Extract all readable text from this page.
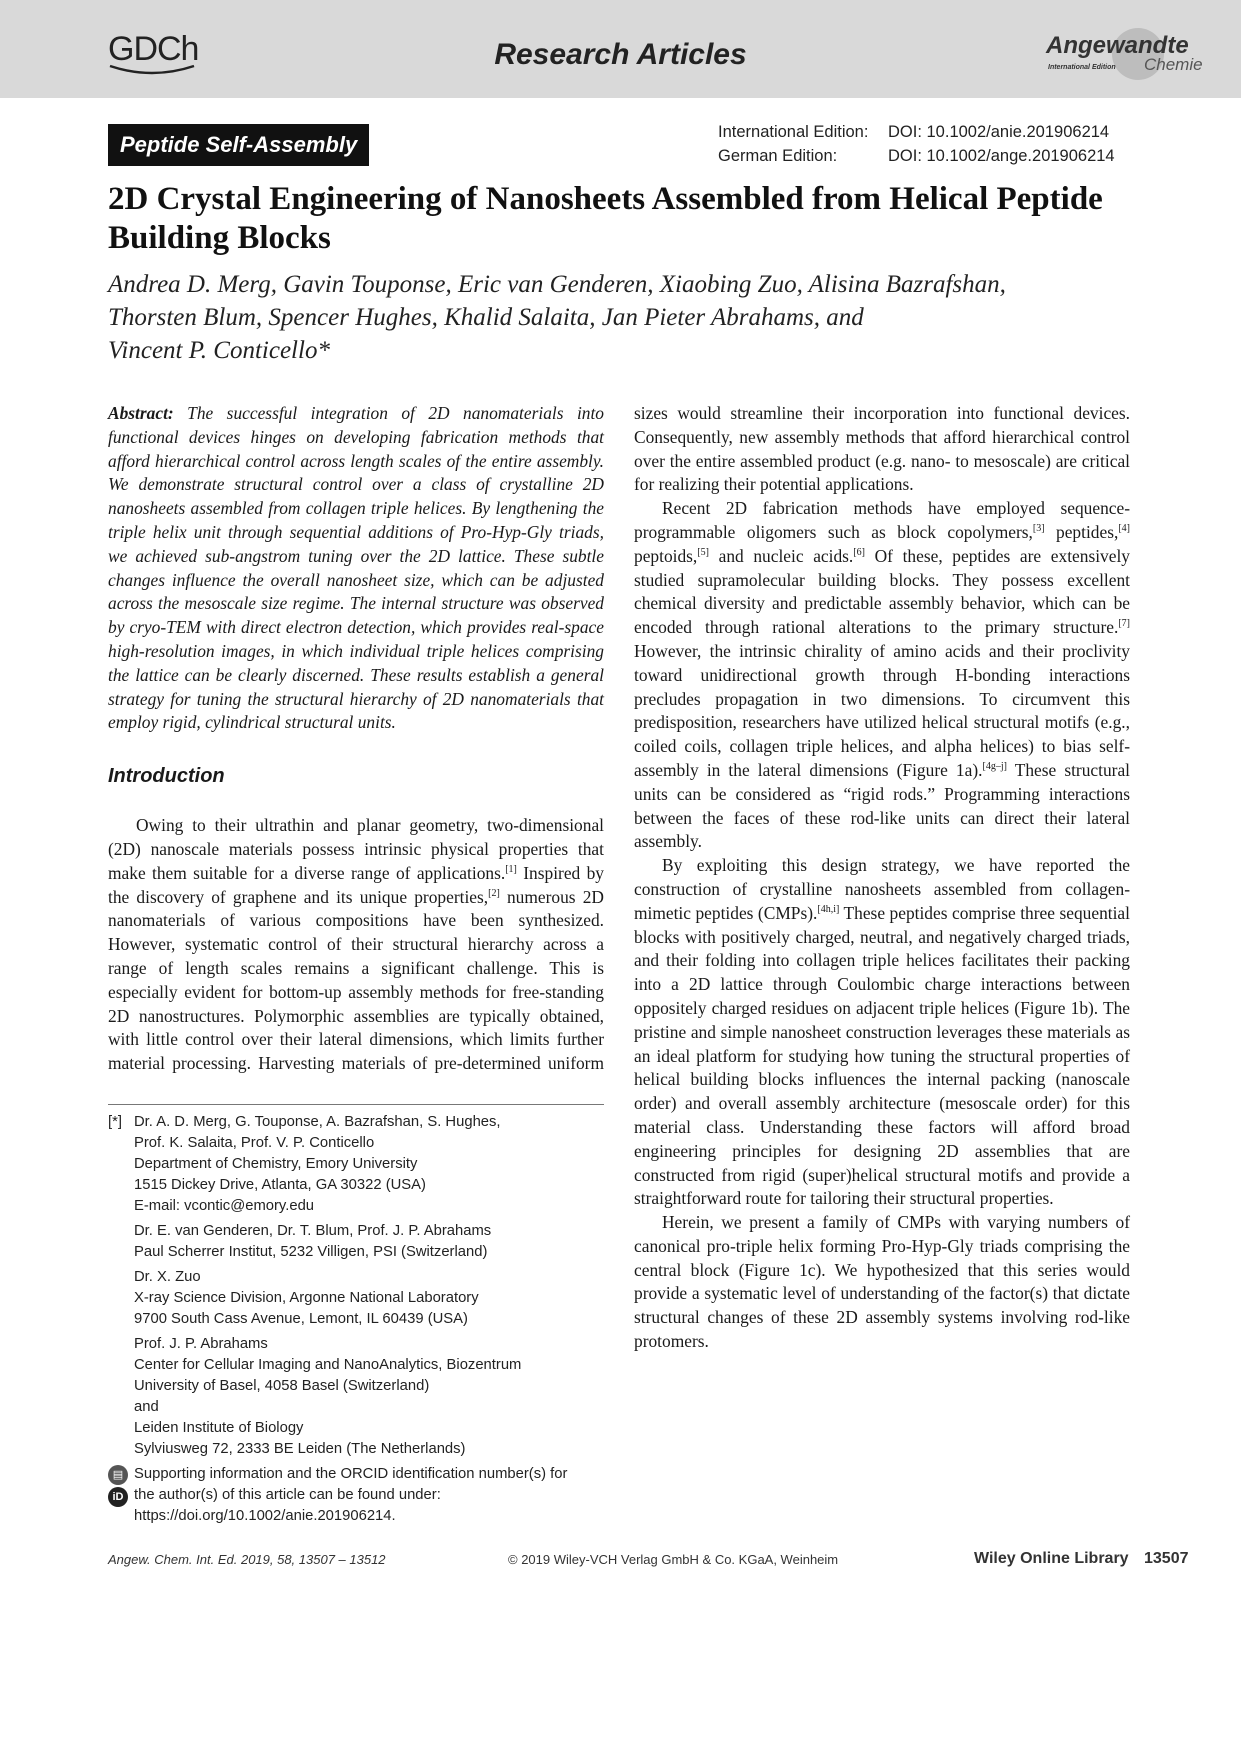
GDCh	Research Articles	Angewandte
International Edition Chemie
Peptide Self-Assembly	International Edition: DOI: 10.1002/anie.201906214
German Edition:	DOI: 10.1002/ange.201906214
2D Crystal Engineering of Nanosheets Assembled from Helical Peptide Building Blocks
Andrea D. Merg, Gavin Touponse, Eric van Genderen, Xiaobing Zuo, Alisina Bazrafshan,
Thorsten Blum, Spencer Hughes, Khalid Salaita, Jan Pieter Abrahams, and
Vincent P. Conticello*

Abstract: The successful integration of 2D nanomaterials into functional devices hinges on developing fabrication methods that afford hierarchical control across length scales of the entire assembly. We demonstrate structural control over a class of crystalline 2D nanosheets assembled from collagen triple helices. By lengthening the triple helix unit through sequential additions of Pro-Hyp-Gly triads, we achieved sub-angstrom tuning over the 2D lattice. These subtle changes influence the overall nanosheet size, which can be adjusted across the mesoscale size regime. The internal structure was observed by cryo-TEM with direct electron detection, which provides real-space high-resolution images, in which individual triple helices comprising the lattice can be clearly discerned. These results establish a general strategy for tuning the structural hierarchy of 2D nanomaterials that employ rigid, cylindrical structural units.

Introduction

Owing to their ultrathin and planar geometry, two-dimensional (2D) nanoscale materials possess intrinsic physical properties that make them suitable for a diverse range of applications.[1] Inspired by the discovery of graphene and its unique properties,[2] numerous 2D nanomaterials of various compositions have been synthesized. However, systematic control of their structural hierarchy across a range of length scales remains a significant challenge. This is especially evident for bottom-up assembly methods for free-standing 2D nanostructures. Polymorphic assemblies are typically obtained, with little control over their lateral dimensions, which limits further material processing. Harvesting materials of pre-determined uniform

[*] Dr. A. D. Merg, G. Touponse, A. Bazrafshan, S. Hughes,
Prof. K. Salaita, Prof. V. P. Conticello
Department of Chemistry, Emory University
1515 Dickey Drive, Atlanta, GA 30322 (USA)
E-mail: vcontic@emory.edu
Dr. E. van Genderen, Dr. T. Blum, Prof. J. P. Abrahams
Paul Scherrer Institut, 5232 Villigen, PSI (Switzerland)
Dr. X. Zuo
X-ray Science Division, Argonne National Laboratory
9700 South Cass Avenue, Lemont, IL 60439 (USA)
Prof. J. P. Abrahams
Center for Cellular Imaging and NanoAnalytics, Biozentrum
University of Basel, 4058 Basel (Switzerland)
and
Leiden Institute of Biology
Sylviusweg 72, 2333 BE Leiden (The Netherlands)
▤
iD
Supporting information and the ORCID identification number(s) for
the author(s) of this article can be found under:
https://doi.org/10.1002/anie.201906214.

sizes would streamline their incorporation into functional devices. Consequently, new assembly methods that afford hierarchical control over the entire assembled product (e.g. nano- to mesoscale) are critical for realizing their potential applications.

Recent 2D fabrication methods have employed sequence-programmable oligomers such as block copolymers,[3] peptides,[4] peptoids,[5] and nucleic acids.[6] Of these, peptides are extensively studied supramolecular building blocks. They possess excellent chemical diversity and predictable assembly behavior, which can be encoded through rational alterations to the primary structure.[7] However, the intrinsic chirality of amino acids and their proclivity toward unidirectional growth through H-bonding interactions precludes propagation in two dimensions. To circumvent this predisposition, researchers have utilized helical structural motifs (e.g., coiled coils, collagen triple helices, and alpha helices) to bias self-assembly in the lateral dimensions (Figure 1a).[4g–j] These structural units can be considered as “rigid rods.” Programming interactions between the faces of these rod-like units can direct their lateral assembly.

By exploiting this design strategy, we have reported the construction of crystalline nanosheets assembled from collagen-mimetic peptides (CMPs).[4h,i] These peptides comprise three sequential blocks with positively charged, neutral, and negatively charged triads, and their folding into collagen triple helices facilitates their packing into a 2D lattice through Coulombic charge interactions between oppositely charged residues on adjacent triple helices (Figure 1b). The pristine and simple nanosheet construction leverages these materials as an ideal platform for studying how tuning the structural properties of helical building blocks influences the internal packing (nanoscale order) and overall assembly architecture (mesoscale order) for this material class. Understanding these factors will afford broad engineering principles for designing 2D assemblies that are constructed from rigid (super)helical structural motifs and provide a straightforward route for tailoring their structural properties.

Herein, we present a family of CMPs with varying numbers of canonical pro-triple helix forming Pro-Hyp-Gly triads comprising the central block (Figure 1c). We hypothesized that this series would provide a systematic level of understanding of the factor(s) that dictate structural changes of these 2D assembly systems involving rod-like protomers.

Angew. Chem. Int. Ed. 2019, 58, 13507 – 13512	© 2019 Wiley-VCH Verlag GmbH & Co. KGaA, Weinheim	Wiley Online Library 13507
